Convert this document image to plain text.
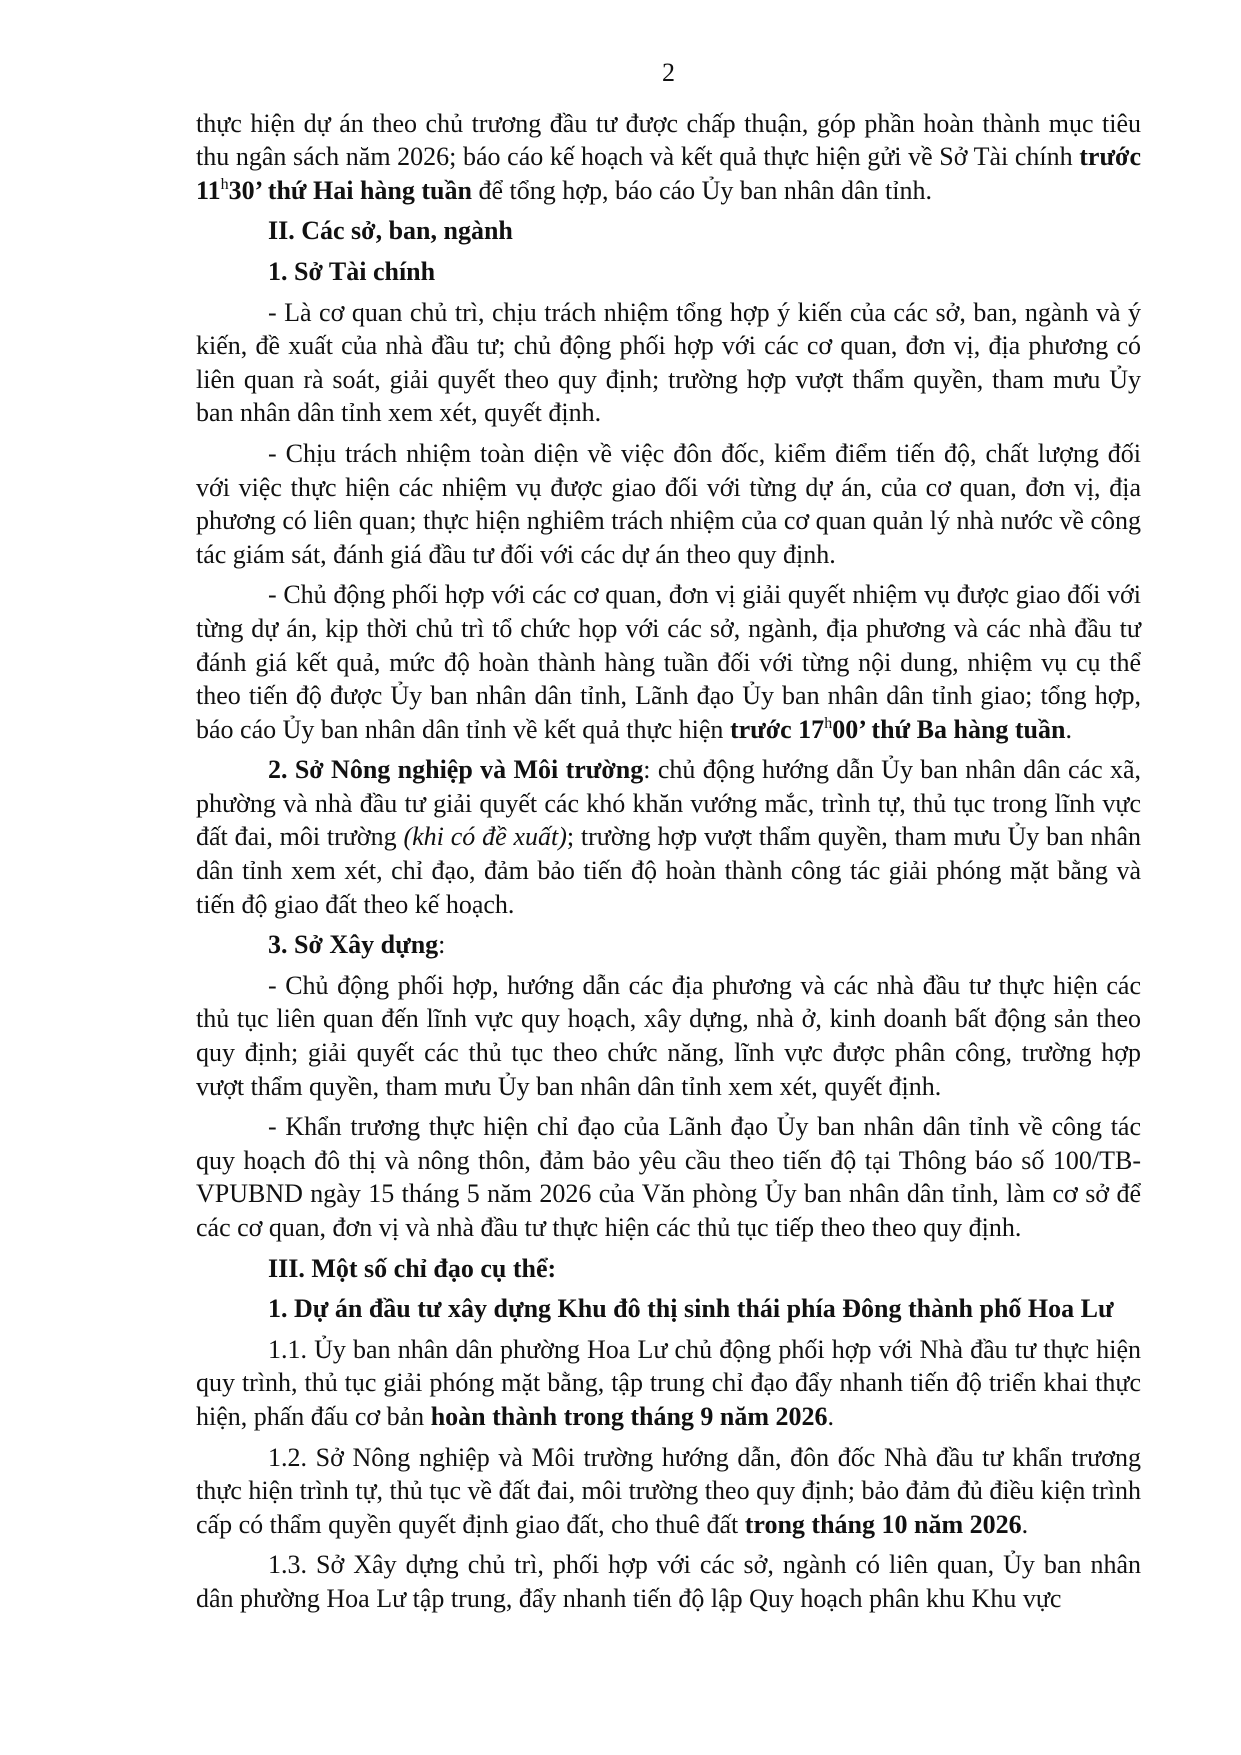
2

thực hiện dự án theo chủ trương đầu tư được chấp thuận, góp phần hoàn thành mục tiêu thu ngân sách năm 2026; báo cáo kế hoạch và kết quả thực hiện gửi về Sở Tài chính trước 11$^h$30’ thứ Hai hàng tuần để tổng hợp, báo cáo Ủy ban nhân dân tỉnh.

II. Các sở, ban, ngành

1. Sở Tài chính

- Là cơ quan chủ trì, chịu trách nhiệm tổng hợp ý kiến của các sở, ban, ngành và ý kiến, đề xuất của nhà đầu tư; chủ động phối hợp với các cơ quan, đơn vị, địa phương có liên quan rà soát, giải quyết theo quy định; trường hợp vượt thẩm quyền, tham mưu Ủy ban nhân dân tỉnh xem xét, quyết định.

- Chịu trách nhiệm toàn diện về việc đôn đốc, kiểm điểm tiến độ, chất lượng đối với việc thực hiện các nhiệm vụ được giao đối với từng dự án, của cơ quan, đơn vị, địa phương có liên quan; thực hiện nghiêm trách nhiệm của cơ quan quản lý nhà nước về công tác giám sát, đánh giá đầu tư đối với các dự án theo quy định.

- Chủ động phối hợp với các cơ quan, đơn vị giải quyết nhiệm vụ được giao đối với từng dự án, kịp thời chủ trì tổ chức họp với các sở, ngành, địa phương và các nhà đầu tư đánh giá kết quả, mức độ hoàn thành hàng tuần đối với từng nội dung, nhiệm vụ cụ thể theo tiến độ được Ủy ban nhân dân tỉnh, Lãnh đạo Ủy ban nhân dân tỉnh giao; tổng hợp, báo cáo Ủy ban nhân dân tỉnh về kết quả thực hiện trước 17$^h$00’ thứ Ba hàng tuần.

2. Sở Nông nghiệp và Môi trường: chủ động hướng dẫn Ủy ban nhân dân các xã, phường và nhà đầu tư giải quyết các khó khăn vướng mắc, trình tự, thủ tục trong lĩnh vực đất đai, môi trường (khi có đề xuất); trường hợp vượt thẩm quyền, tham mưu Ủy ban nhân dân tỉnh xem xét, chỉ đạo, đảm bảo tiến độ hoàn thành công tác giải phóng mặt bằng và tiến độ giao đất theo kế hoạch.

3. Sở Xây dựng:

- Chủ động phối hợp, hướng dẫn các địa phương và các nhà đầu tư thực hiện các thủ tục liên quan đến lĩnh vực quy hoạch, xây dựng, nhà ở, kinh doanh bất động sản theo quy định; giải quyết các thủ tục theo chức năng, lĩnh vực được phân công, trường hợp vượt thẩm quyền, tham mưu Ủy ban nhân dân tỉnh xem xét, quyết định.

- Khẩn trương thực hiện chỉ đạo của Lãnh đạo Ủy ban nhân dân tỉnh về công tác quy hoạch đô thị và nông thôn, đảm bảo yêu cầu theo tiến độ tại Thông báo số 100/TB-VPUBND ngày 15 tháng 5 năm 2026 của Văn phòng Ủy ban nhân dân tỉnh, làm cơ sở để các cơ quan, đơn vị và nhà đầu tư thực hiện các thủ tục tiếp theo theo quy định.

III. Một số chỉ đạo cụ thể:

1. Dự án đầu tư xây dựng Khu đô thị sinh thái phía Đông thành phố Hoa Lư

1.1. Ủy ban nhân dân phường Hoa Lư chủ động phối hợp với Nhà đầu tư thực hiện quy trình, thủ tục giải phóng mặt bằng, tập trung chỉ đạo đẩy nhanh tiến độ triển khai thực hiện, phấn đấu cơ bản hoàn thành trong tháng 9 năm 2026.

1.2. Sở Nông nghiệp và Môi trường hướng dẫn, đôn đốc Nhà đầu tư khẩn trương thực hiện trình tự, thủ tục về đất đai, môi trường theo quy định; bảo đảm đủ điều kiện trình cấp có thẩm quyền quyết định giao đất, cho thuê đất trong tháng 10 năm 2026.

1.3. Sở Xây dựng chủ trì, phối hợp với các sở, ngành có liên quan, Ủy ban nhân dân phường Hoa Lư tập trung, đẩy nhanh tiến độ lập Quy hoạch phân khu Khu vực
